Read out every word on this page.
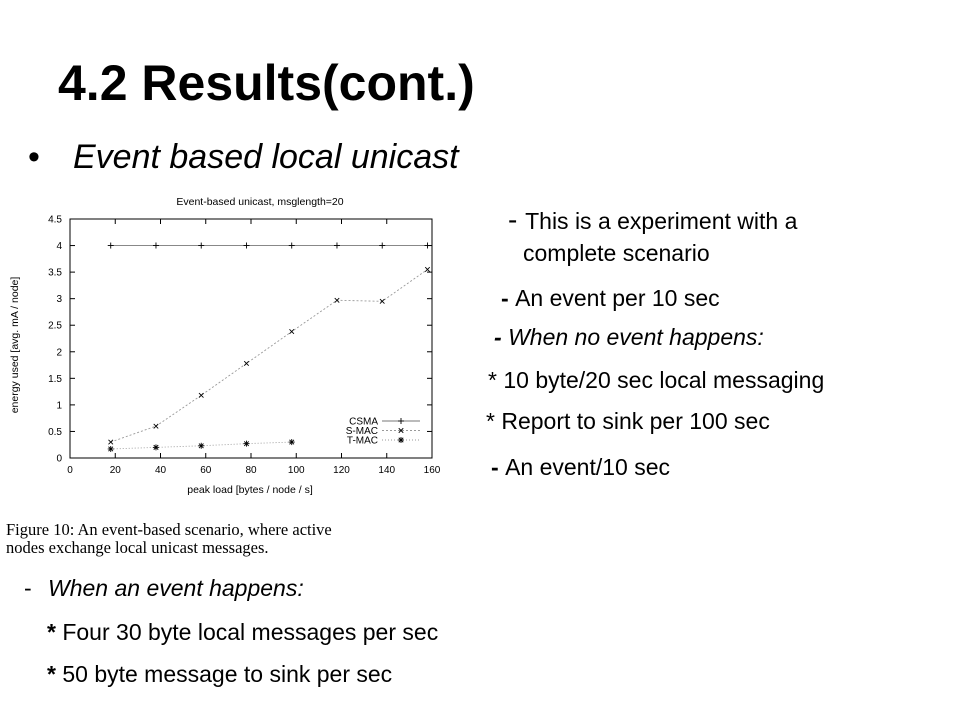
4.2 Results(cont.)
• Event based local unicast
Event-based unicast, msglength=20
peak load [bytes / node / s]
energy used [avg. mA / node]
0
0.5
1
1.5
2
2.5
3
3.5
4
4.5
0	20	40	60	80	100	120	140	160
CSMA
S-MAC
T-MAC
- This is a experiment with a
complete scenario
- An event per 10 sec
- When no event happens:
* 10 byte/20 sec local messaging
* Report to sink per 100 sec
- An event/10 sec
Figure 10: An event-based scenario, where active
nodes exchange local unicast messages.
- When an event happens:
* Four 30 byte local messages per sec
* 50 byte message to sink per sec
